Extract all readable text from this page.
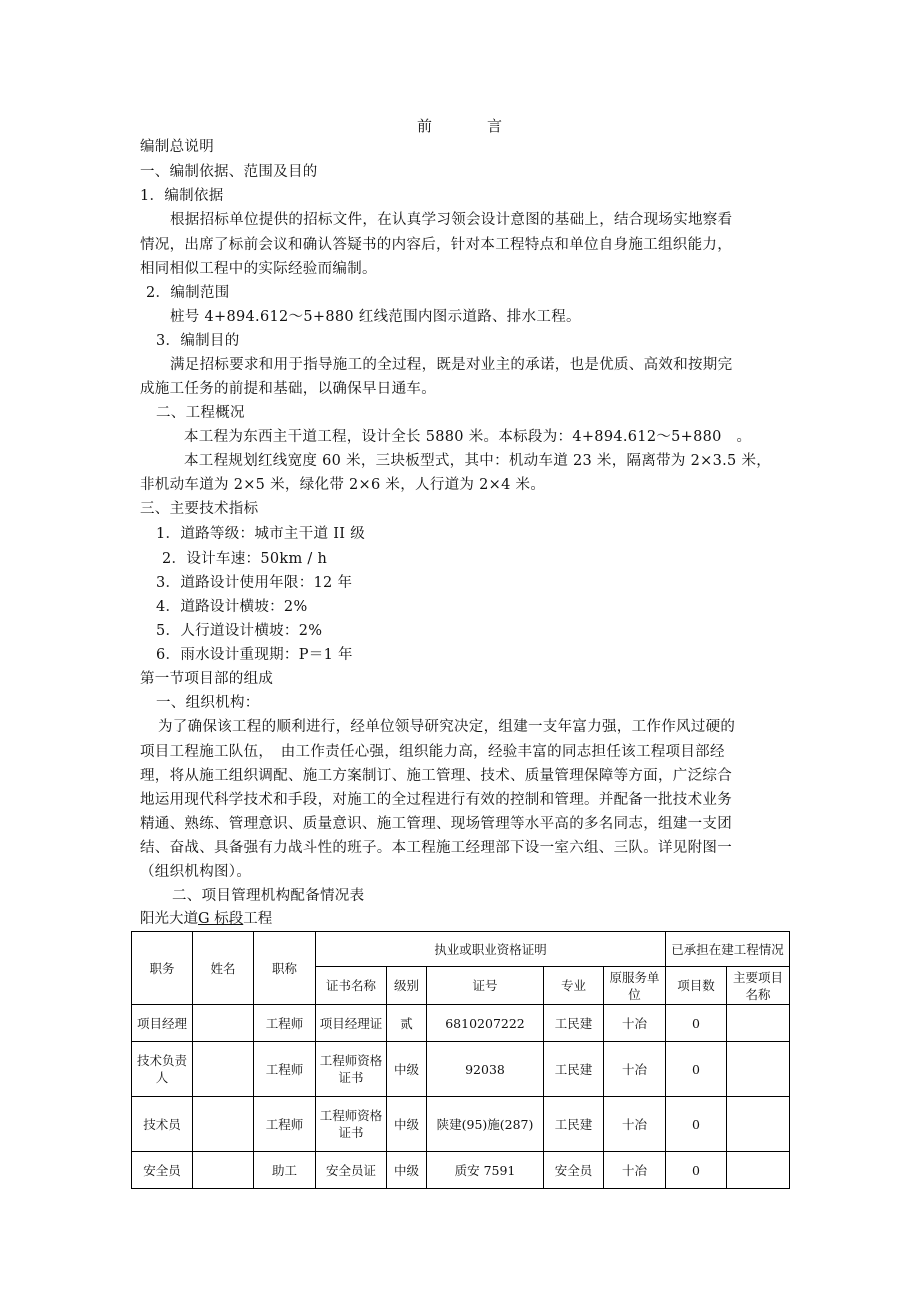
前	言
编制总说明
一、编制依据、范围及目的
1．编制依据
根据招标单位提供的招标文件，在认真学习领会设计意图的基础上，结合现场实地察看
情况，出席了标前会议和确认答疑书的内容后，针对本工程特点和单位自身施工组织能力，
相同相似工程中的实际经验而编制。
2．编制范围
桩号 4+894.612～5+880 红线范围内图示道路、排水工程。
3．编制目的
满足招标要求和用于指导施工的全过程，既是对业主的承诺，也是优质、高效和按期完
成施工任务的前提和基础，以确保早日通车。
二、工程概况
本工程为东西主干道工程，设计全长 5880 米。本标段为：4+894.612～5+880　。
本工程规划红线宽度 60 米，三块板型式，其中：机动车道 23 米，隔离带为 2×3.5 米，
非机动车道为 2×5 米，绿化带 2×6 米，人行道为 2×4 米。
三、主要技术指标
1．道路等级：城市主干道 II 级
2．设计车速：50km / h
3．道路设计使用年限：12 年
4．道路设计横坡：2%
5．人行道设计横坡：2%
6．雨水设计重现期：P＝1 年
第一节项目部的组成
一、组织机构：
为了确保该工程的顺利进行，经单位领导研究决定，组建一支年富力强，工作作风过硬的
项目工程施工队伍，　由工作责任心强，组织能力高，经验丰富的同志担任该工程项目部经
理，将从施工组织调配、施工方案制订、施工管理、技术、质量管理保障等方面，广泛综合
地运用现代科学技术和手段，对施工的全过程进行有效的控制和管理。并配备一批技术业务
精通、熟练、管理意识、质量意识、施工管理、现场管理等水平高的多名同志，组建一支团
结、奋战、具备强有力战斗性的班子。本工程施工经理部下设一室六组、三队。详见附图一
（组织机构图）。
二、项目管理机构配备情况表
阳光大道G 标段工程
职务	姓名	职称	执业或职业资格证明					已承担在建工程情况	
			证书名称	级别	证号	专业	原服务单位	项目数	主要项目名称
项目经理		工程师	项目经理证	贰	6810207222	工民建	十冶	0	
技术负责人		工程师	工程师资格证书	中级	92038	工民建	十冶	0	
技术员		工程师	工程师资格证书	中级	陕建(95)施(287)	工民建	十冶	0	
安全员		助工	安全员证	中级	质安 7591	安全员	十冶	0	
